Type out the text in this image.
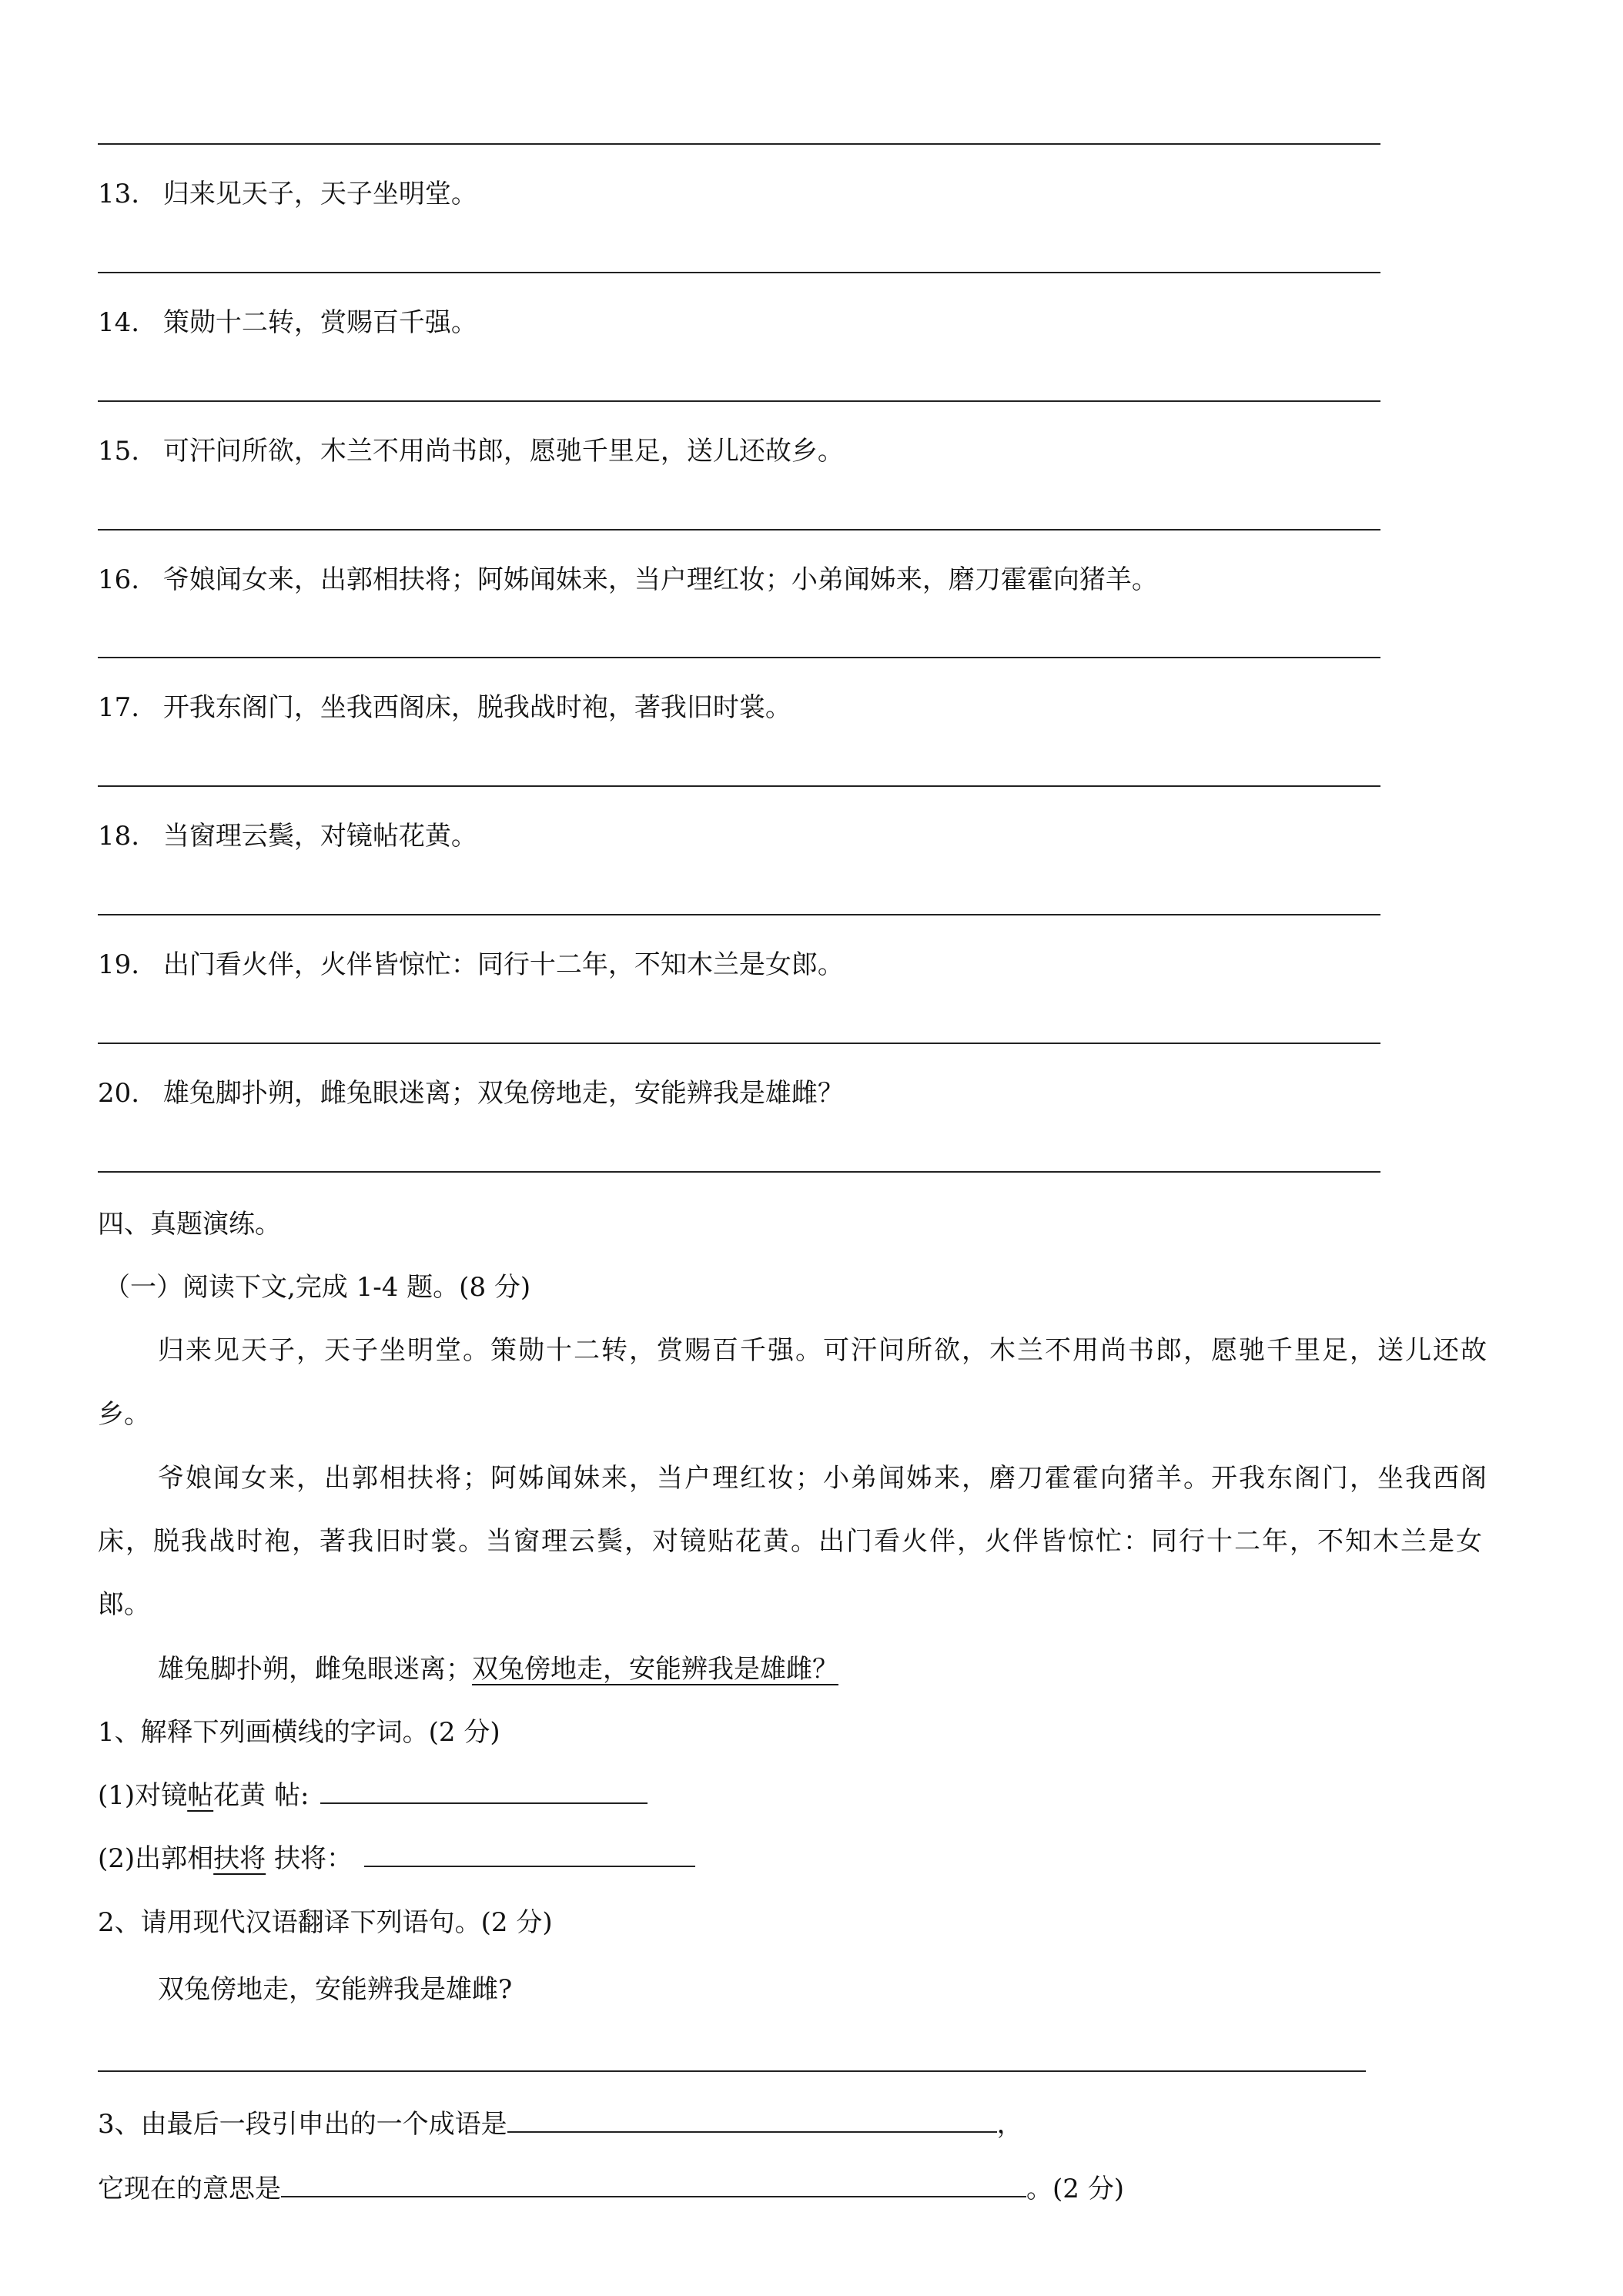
13. 归来见天子，天子坐明堂。
14. 策勋十二转，赏赐百千强。
15. 可汗问所欲，木兰不用尚书郎，愿驰千里足，送儿还故乡。
16. 爷娘闻女来，出郭相扶将；阿姊闻妹来，当户理红妆；小弟闻姊来，磨刀霍霍向猪羊。
17. 开我东阁门，坐我西阁床，脱我战时袍，著我旧时裳。
18. 当窗理云鬓，对镜帖花黄。
19. 出门看火伴，火伴皆惊忙：同行十二年，不知木兰是女郎。
20. 雄兔脚扑朔，雌兔眼迷离；双兔傍地走，安能辨我是雄雌？
四、真题演练。
（一）阅读下文,完成 1-4 题。(8 分)
归来见天子，天子坐明堂。策勋十二转，赏赐百千强。可汗问所欲，木兰不用尚书郎，愿驰千里足，送儿还故
乡。
爷娘闻女来，出郭相扶将；阿姊闻妹来，当户理红妆；小弟闻姊来，磨刀霍霍向猪羊。开我东阁门，坐我西阁
床，脱我战时袍，著我旧时裳。当窗理云鬓，对镜贴花黄。出门看火伴，火伴皆惊忙：同行十二年，不知木兰是女
郎。
雄兔脚扑朔，雌兔眼迷离；双兔傍地走，安能辨我是雄雌？
1、解释下列画横线的字词。(2 分)
(1)对镜帖花黄 帖:
(2)出郭相扶将 扶将：
2、请用现代汉语翻译下列语句。(2 分)
双兔傍地走，安能辨我是雄雌?
3、由最后一段引申出的一个成语是	，
它现在的意思是	。(2 分)
